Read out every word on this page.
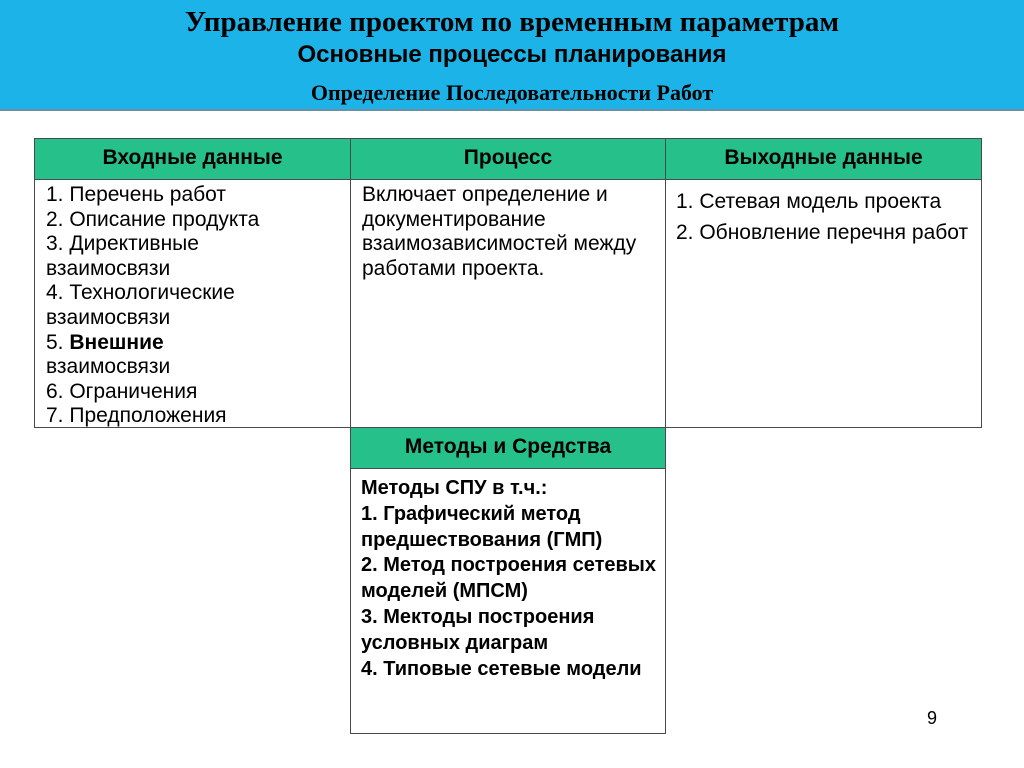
Управление проектом по временным параметрам
Основные процессы планирования
Определение Последовательности Работ
Входные данные	Процесс	Выходные данные
1. Перечень работ
2. Описание продукта
3. Директивные
взаимосвязи
4. Технологические
взаимосвязи
5. Внешние
взаимосвязи
6. Ограничения
7. Предположения
Включает определение и документирование взаимозависимостей между работами проекта.
1. Сетевая модель проекта
2. Обновление перечня работ
Методы и Средства
Методы СПУ в т.ч.:
1. Графический метод предшествования (ГМП)
2. Метод построения сетевых моделей (МПСМ)
3. Мектоды построения условных диаграм
4. Типовые сетевые модели
9
